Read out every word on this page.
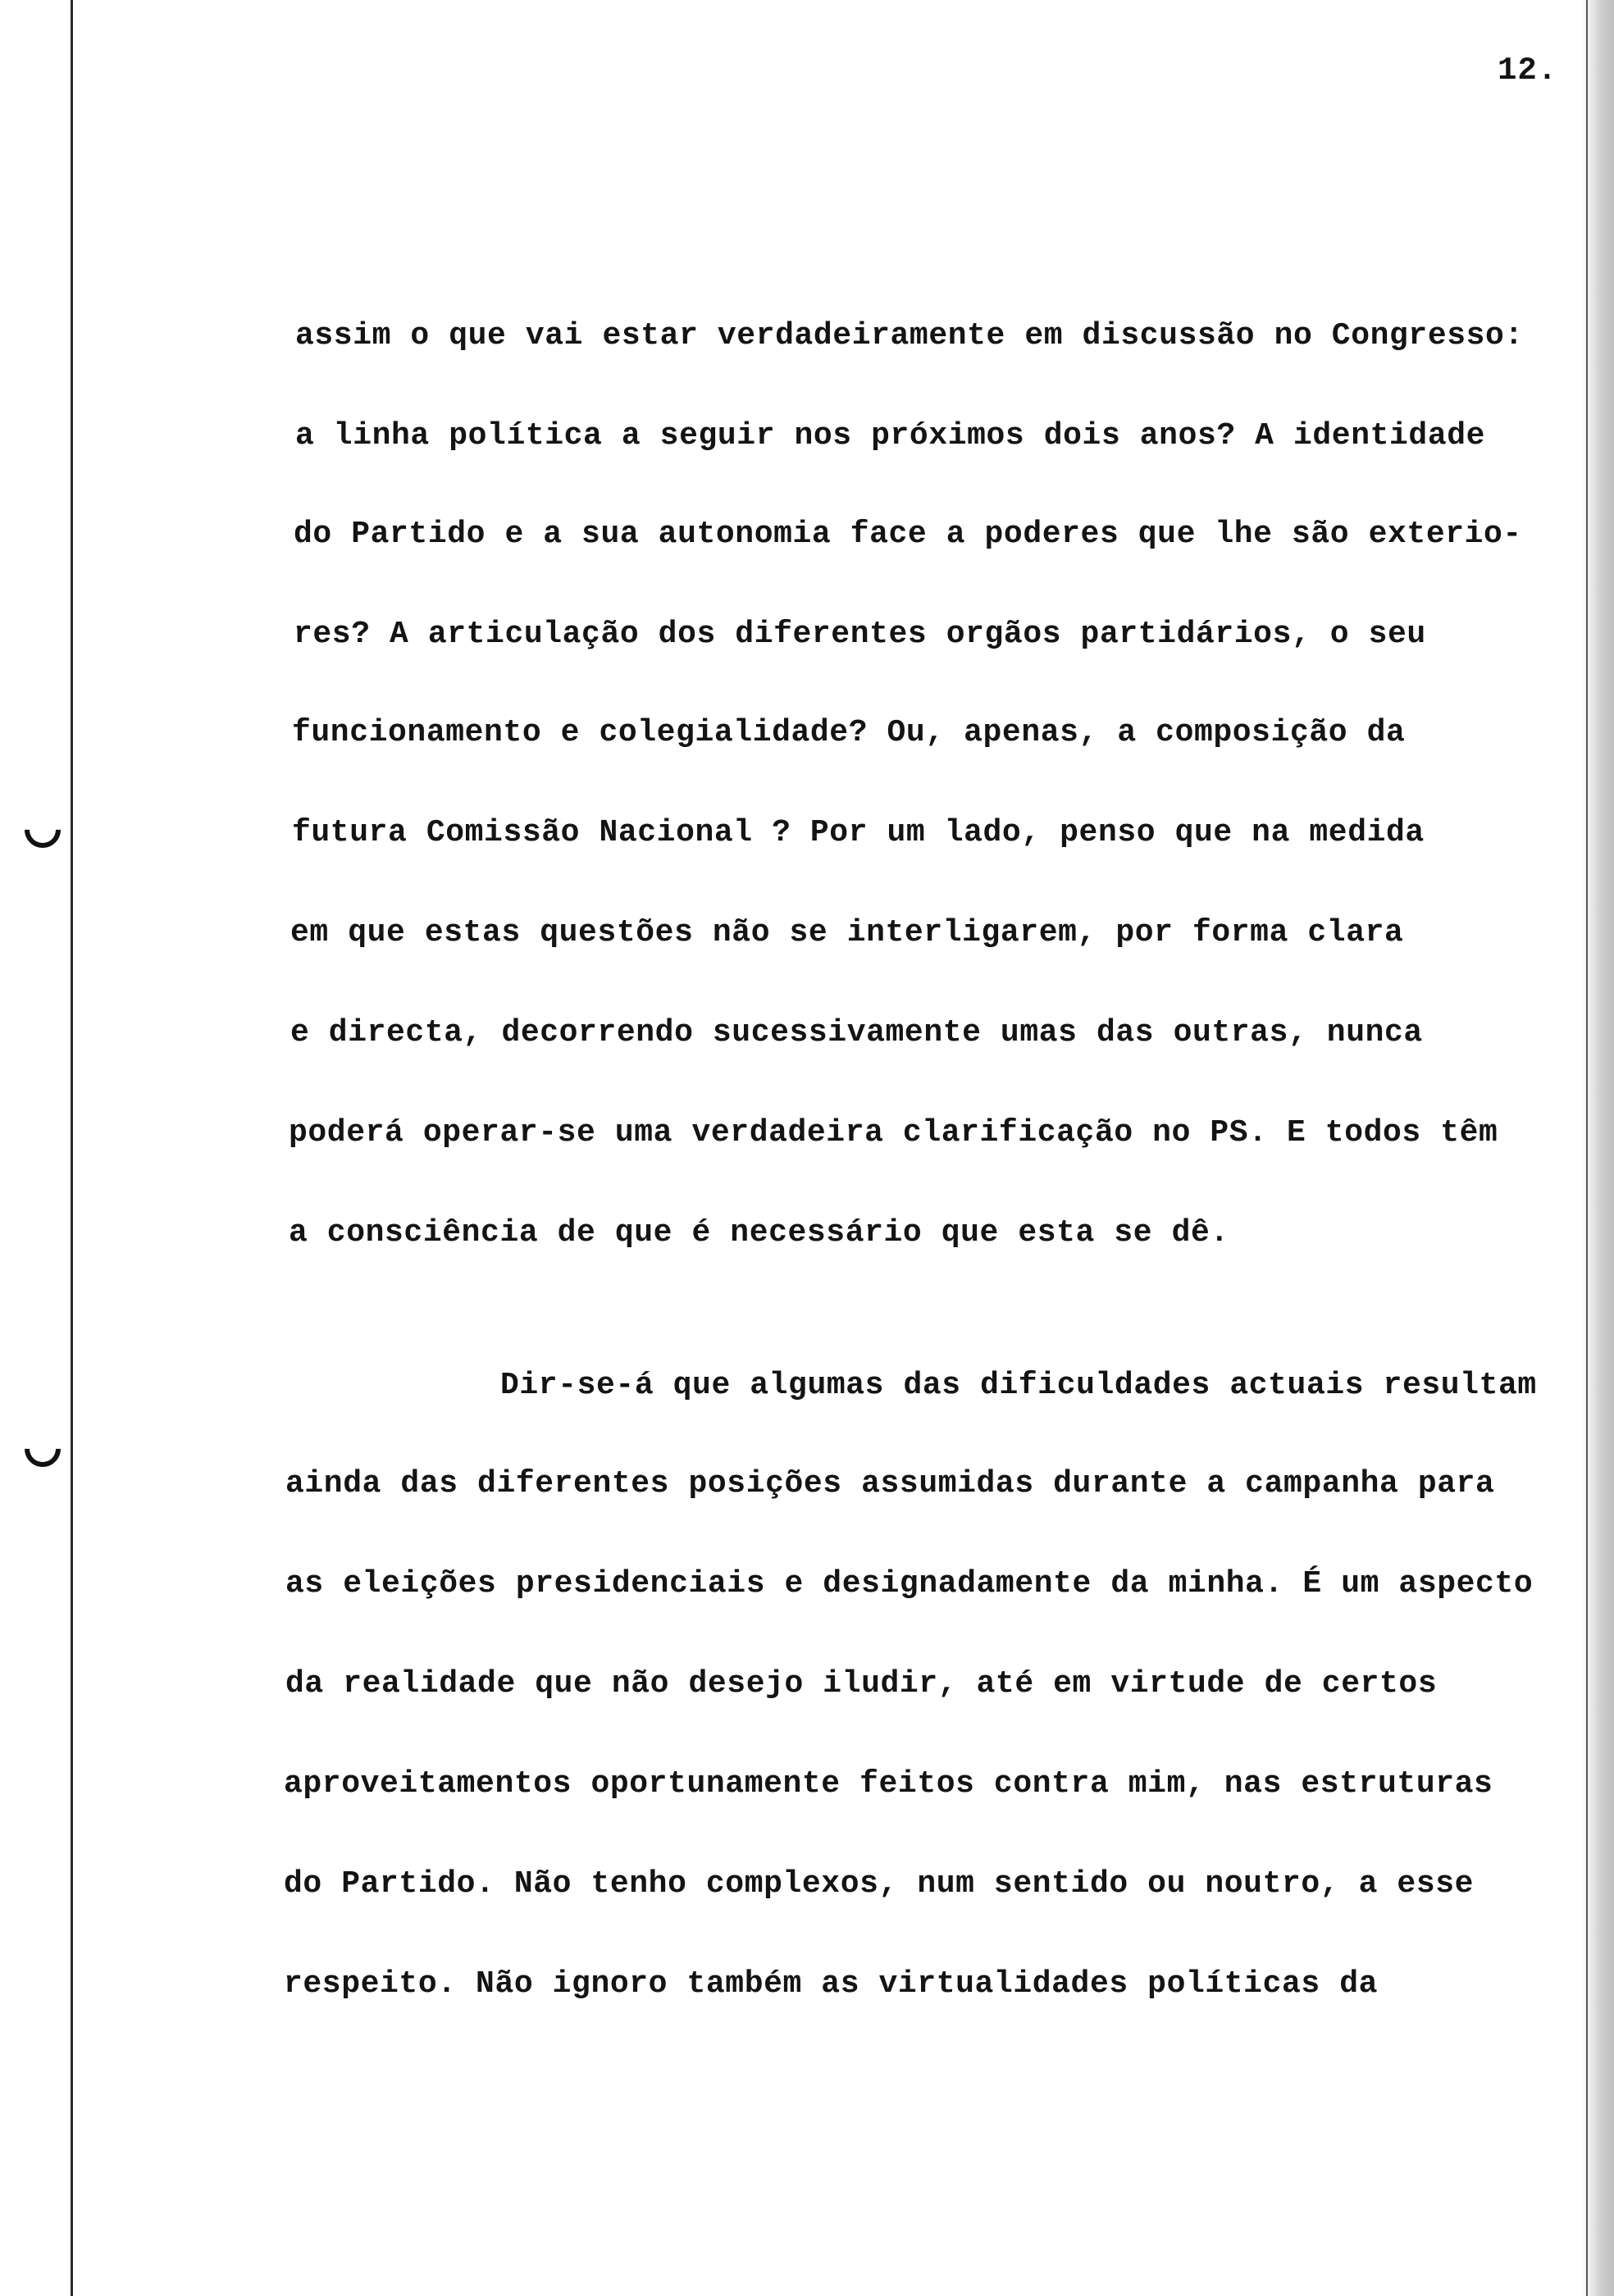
12.
assim o que vai estar verdadeiramente em discussão no Congresso:
a linha política a seguir nos próximos dois anos? A identidade
do Partido e a sua autonomia face a poderes que lhe são exterio-
res? A articulação dos diferentes orgãos partidários, o seu
funcionamento e colegialidade? Ou, apenas, a composição da
futura Comissão Nacional ? Por um lado, penso que na medida
em que estas questões não se interligarem, por forma clara
e directa, decorrendo sucessivamente umas das outras, nunca
poderá operar-se uma verdadeira clarificação no PS. E todos têm
a consciência de que é necessário que esta se dê.
Dir-se-á que algumas das dificuldades actuais resultam
ainda das diferentes posições assumidas durante a campanha para
as eleições presidenciais e designadamente da minha. É um aspecto
da realidade que não desejo iludir, até em virtude de certos
aproveitamentos oportunamente feitos contra mim, nas estruturas
do Partido. Não tenho complexos, num sentido ou noutro, a esse
respeito. Não ignoro também as virtualidades políticas da
